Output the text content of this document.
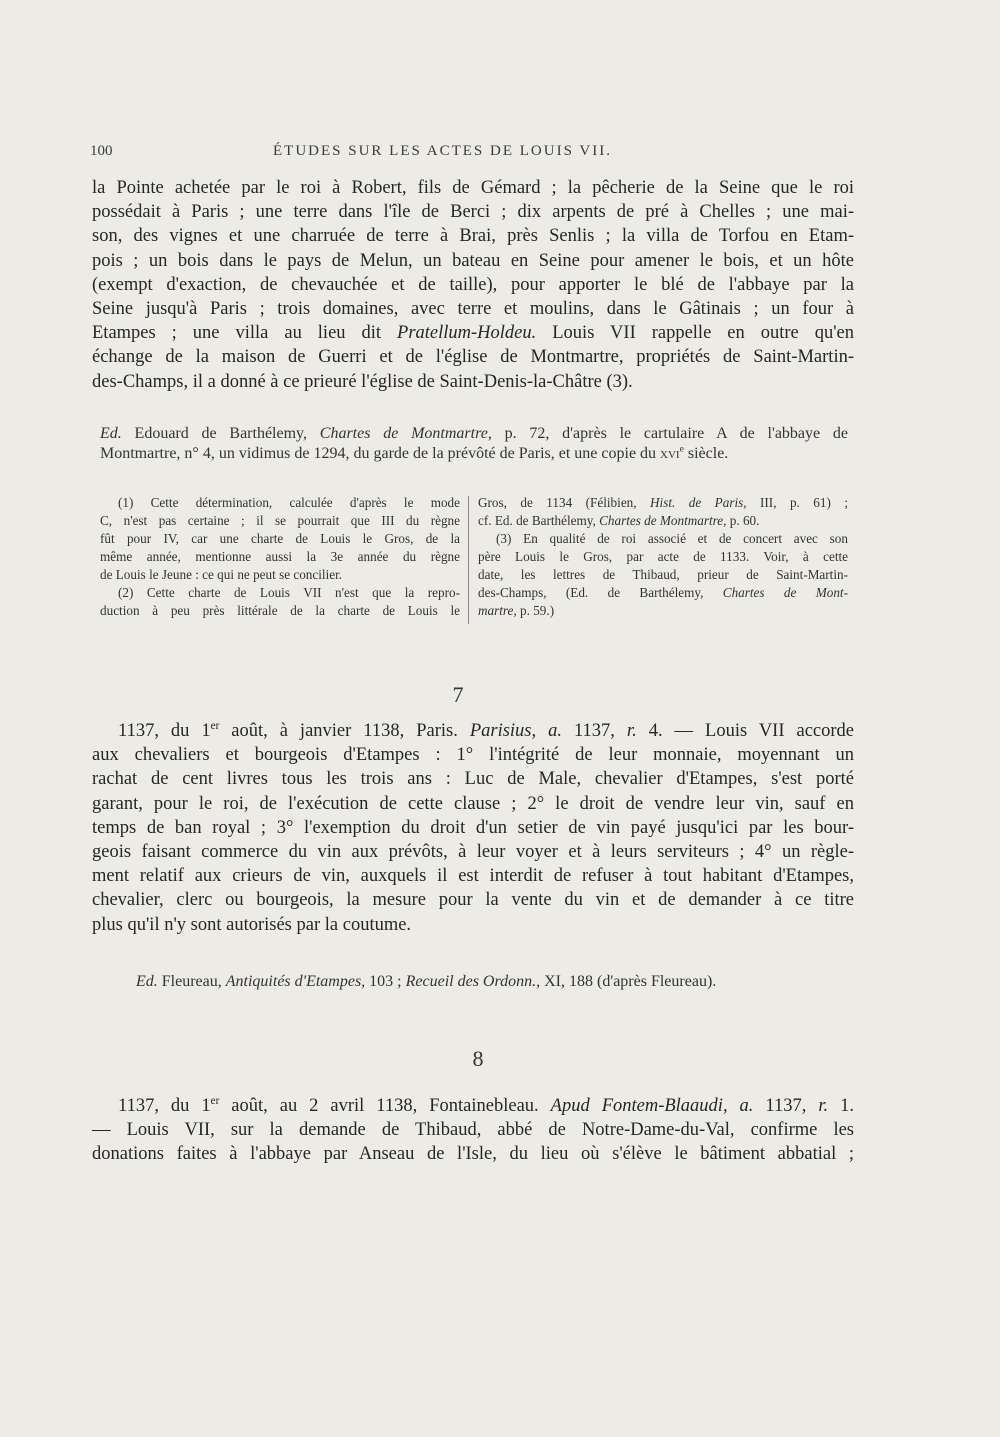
100	ÉTUDES SUR LES ACTES DE LOUIS VII.
la Pointe achetée par le roi à Robert, fils de Gémard ; la pêcherie de la Seine que le roi
possédait à Paris ; une terre dans l'île de Berci ; dix arpents de pré à Chelles ; une mai-
son, des vignes et une charruée de terre à Brai, près Senlis ; la villa de Torfou en Etam-
pois ; un bois dans le pays de Melun, un bateau en Seine pour amener le bois, et un hôte
(exempt d'exaction, de chevauchée et de taille), pour apporter le blé de l'abbaye par la
Seine jusqu'à Paris ; trois domaines, avec terre et moulins, dans le Gâtinais ; un four à
Etampes ; une villa au lieu dit Pratellum-Holdeu. Louis VII rappelle en outre qu'en
échange de la maison de Guerri et de l'église de Montmartre, propriétés de Saint-Martin-
des-Champs, il a donné à ce prieuré l'église de Saint-Denis-la-Châtre (3).
Ed. Edouard de Barthélemy, Chartes de Montmartre, p. 72, d'après le cartulaire A de l'abbaye de
Montmartre, n° 4, un vidimus de 1294, du garde de la prévôté de Paris, et une copie du xvi$^e$ siècle.
(1) Cette détermination, calculée d'après le mode
C, n'est pas certaine ; il se pourrait que III du règne
fût pour IV, car une charte de Louis le Gros, de la
même année, mentionne aussi la 3e année du règne
de Louis le Jeune : ce qui ne peut se concilier.
(2) Cette charte de Louis VII n'est que la repro-
duction à peu près littérale de la charte de Louis le
Gros, de 1134 (Félibien, Hist. de Paris, III, p. 61) ;
cf. Ed. de Barthélemy, Chartes de Montmartre, p. 60.
(3) En qualité de roi associé et de concert avec son
père Louis le Gros, par acte de 1133. Voir, à cette
date, les lettres de Thibaud, prieur de Saint-Martin-
des-Champs, (Ed. de Barthélemy, Chartes de Mont-
martre, p. 59.)
7
1137, du 1er août, à janvier 1138, Paris. Parisius, a. 1137, r. 4. — Louis VII accorde
aux chevaliers et bourgeois d'Etampes : 1° l'intégrité de leur monnaie, moyennant un
rachat de cent livres tous les trois ans : Luc de Male, chevalier d'Etampes, s'est porté
garant, pour le roi, de l'exécution de cette clause ; 2° le droit de vendre leur vin, sauf en
temps de ban royal ; 3° l'exemption du droit d'un setier de vin payé jusqu'ici par les bour-
geois faisant commerce du vin aux prévôts, à leur voyer et à leurs serviteurs ; 4° un règle-
ment relatif aux crieurs de vin, auxquels il est interdit de refuser à tout habitant d'Etampes,
chevalier, clerc ou bourgeois, la mesure pour la vente du vin et de demander à ce titre
plus qu'il n'y sont autorisés par la coutume.
Ed. Fleureau, Antiquités d'Etampes, 103 ; Recueil des Ordonn., XI, 188 (d'après Fleureau).
8
1137, du 1er août, au 2 avril 1138, Fontainebleau. Apud Fontem-Blaaudi, a. 1137, r. 1.
— Louis VII, sur la demande de Thibaud, abbé de Notre-Dame-du-Val, confirme les
donations faites à l'abbaye par Anseau de l'Isle, du lieu où s'élève le bâtiment abbatial ;
